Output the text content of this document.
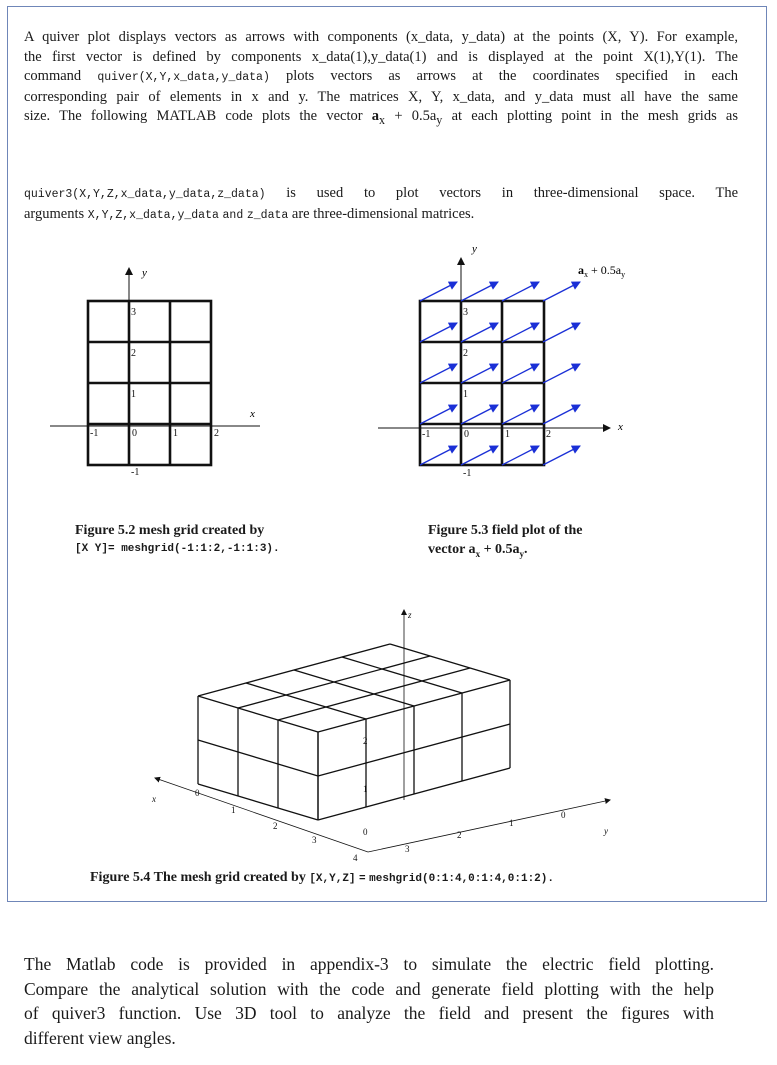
A quiver plot displays vectors as arrows with components (x_data, y_data) at the points (X, Y). For example,
the first vector is defined by components x_data(1),y_data(1) and is displayed at the point X(1),Y(1). The
command quiver(X,Y,x_data,y_data) plots vectors as arrows at the coordinates specified in each
corresponding pair of elements in x and y. The matrices X, Y, x_data, and y_data must all have the same
size. The following MATLAB code plots the vector $a_x + 0.5a_y$ at each plotting point in the mesh grids as
quiver3(X,Y,Z,x_data,y_data,z_data) is used to plot vectors in three-dimensional space. The
arguments X,Y,Z,x_data,y_data and z_data are three-dimensional matrices.
y
x
-1	0	1	2
3
2
1
-1
Figure 5.2 mesh grid created by
[X Y]= meshgrid(-1:1:2,-1:1:3).
y
x
-1	0	1	2
3
2
1
-1
$a_x + 0.5a_y$
Figure 5.3 field plot of the
vector $a_x + 0.5a_y$.
z
x
y
0
1
2
3
4
3
2
1
0
0
1
2
Figure 5.4 The mesh grid created by [X,Y,Z] = meshgrid(0:1:4,0:1:4,0:1:2).
The Matlab code is provided in appendix-3 to simulate the electric field plotting.
Compare the analytical solution with the code and generate field plotting with the help
of quiver3 function. Use 3D tool to analyze the field and present the figures with
different view angles.
